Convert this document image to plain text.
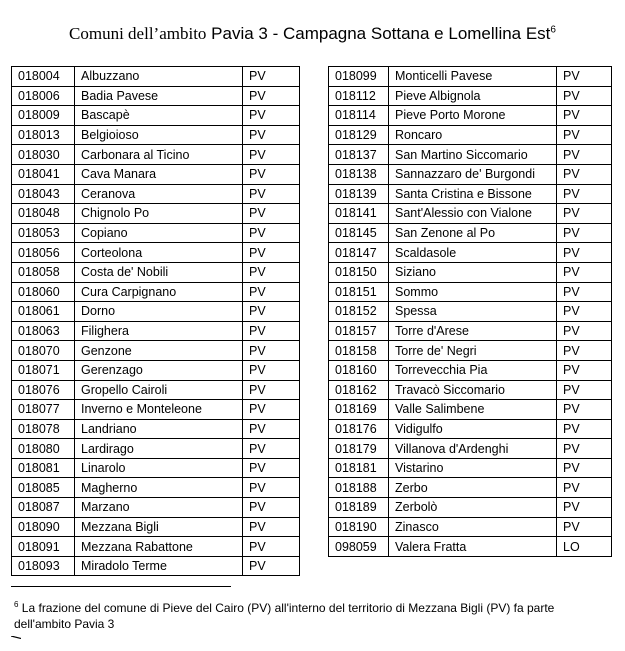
Comuni dell’ambito Pavia 3 - Campagna Sottana e Lomellina Est$^6$
018004	Albuzzano	PV
018006	Badia Pavese	PV
018009	Bascapè	PV
018013	Belgioioso	PV
018030	Carbonara al Ticino	PV
018041	Cava Manara	PV
018043	Ceranova	PV
018048	Chignolo Po	PV
018053	Copiano	PV
018056	Corteolona	PV
018058	Costa de' Nobili	PV
018060	Cura Carpignano	PV
018061	Dorno	PV
018063	Filighera	PV
018070	Genzone	PV
018071	Gerenzago	PV
018076	Gropello Cairoli	PV
018077	Inverno e Monteleone	PV
018078	Landriano	PV
018080	Lardirago	PV
018081	Linarolo	PV
018085	Magherno	PV
018087	Marzano	PV
018090	Mezzana Bigli	PV
018091	Mezzana Rabattone	PV
018093	Miradolo Terme	PV
018099	Monticelli Pavese	PV
018112	Pieve Albignola	PV
018114	Pieve Porto Morone	PV
018129	Roncaro	PV
018137	San Martino Siccomario	PV
018138	Sannazzaro de' Burgondi	PV
018139	Santa Cristina e Bissone	PV
018141	Sant'Alessio con Vialone	PV
018145	San Zenone al Po	PV
018147	Scaldasole	PV
018150	Siziano	PV
018151	Sommo	PV
018152	Spessa	PV
018157	Torre d'Arese	PV
018158	Torre de' Negri	PV
018160	Torrevecchia Pia	PV
018162	Travacò Siccomario	PV
018169	Valle Salimbene	PV
018176	Vidigulfo	PV
018179	Villanova d'Ardenghi	PV
018181	Vistarino	PV
018188	Zerbo	PV
018189	Zerbolò	PV
018190	Zinasco	PV
098059	Valera Fratta	LO
$^6$ La frazione del comune di Pieve del Cairo (PV) all'interno del territorio di Mezzana Bigli (PV) fa parte dell'ambito Pavia 3
